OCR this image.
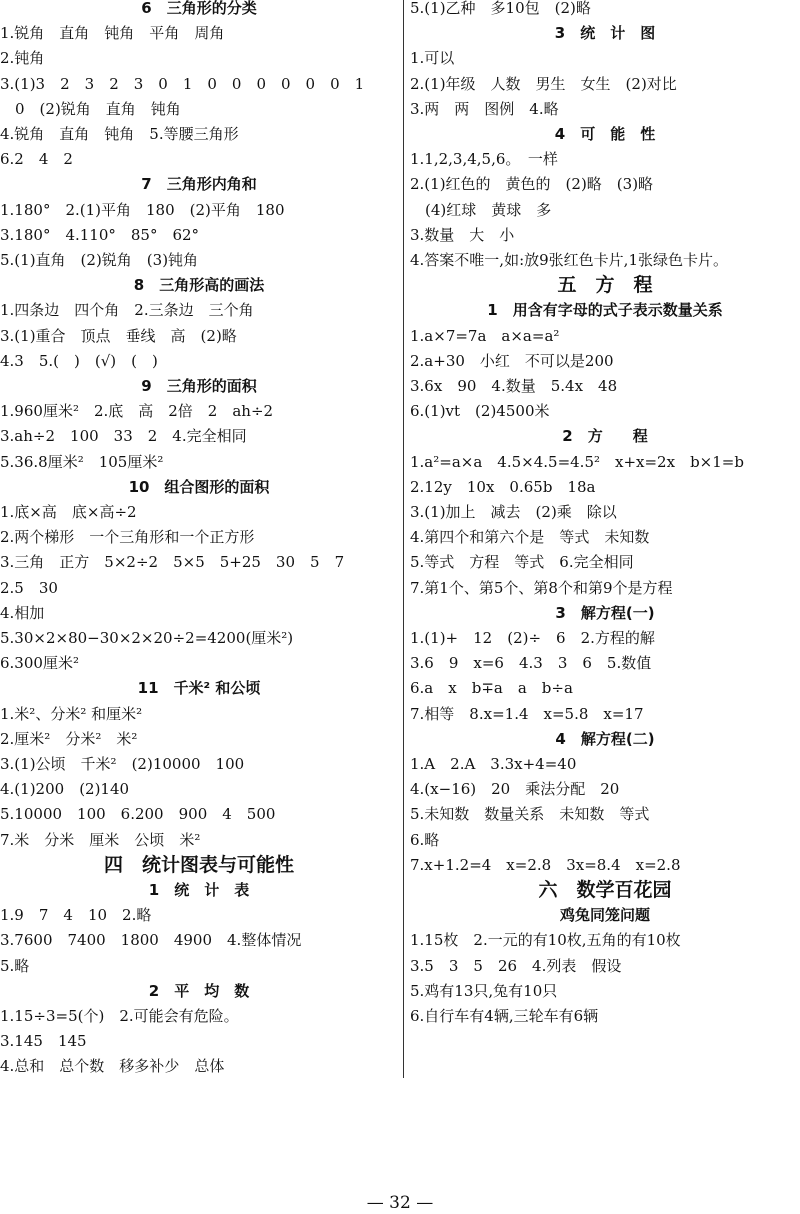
6　三角形的分类
1.锐角　直角　钝角　平角　周角
2.钝角
3.(1)3　2　3　2　3　0　1　0　0　0　0　0　0　1
　0　(2)锐角　直角　钝角
4.锐角　直角　钝角　5.等腰三角形
6.2　4　2
7　三角形内角和
1.180°　2.(1)平角　180　(2)平角　180
3.180°　4.110°　85°　62°
5.(1)直角　(2)锐角　(3)钝角
8　三角形高的画法
1.四条边　四个角　2.三条边　三个角
3.(1)重合　顶点　垂线　高　(2)略
4.3　5.(　)　(√)　(　)
9　三角形的面积
1.960厘米²　2.底　高　2倍　2　ah÷2
3.ah÷2　100　33　2　4.完全相同
5.36.8厘米²　105厘米²
10　组合图形的面积
1.底×高　底×高÷2
2.两个梯形　一个三角形和一个正方形
3.三角　正方　5×2÷2　5×5　5+25　30　5　7
2.5　30
4.相加
5.30×2×80−30×2×20÷2=4200(厘米²)
6.300厘米²
11　千米² 和公顷
1.米²、分米² 和厘米²
2.厘米²　分米²　米²
3.(1)公顷　千米²　(2)10000　100
4.(1)200　(2)140
5.10000　100　6.200　900　4　500
7.米　分米　厘米　公顷　米²
四　统计图表与可能性
1　统　计　表
1.9　7　4　10　2.略
3.7600　7400　1800　4900　4.整体情况
5.略
2　平　均　数
1.15÷3=5(个)　2.可能会有危险。
3.145　145
4.总和　总个数　移多补少　总体
5.(1)乙种　多10包　(2)略
3　统　计　图
1.可以
2.(1)年级　人数　男生　女生　(2)对比
3.两　两　图例　4.略
4　可　能　性
1.1,2,3,4,5,6。　一样
2.(1)红色的　黄色的　(2)略　(3)略
　(4)红球　黄球　多
3.数量　大　小
4.答案不唯一,如:放9张红色卡片,1张绿色卡片。
五　方　程
1　用含有字母的式子表示数量关系
1.a×7=7a　a×a=a²
2.a+30　小红　不可以是200
3.6x　90　4.数量　5.4x　48
6.(1)vt　(2)4500米
2　方　　程
1.a²=a×a　4.5×4.5=4.5²　x+x=2x　b×1=b
2.12y　10x　0.65b　18a
3.(1)加上　减去　(2)乘　除以
4.第四个和第六个是　等式　未知数
5.等式　方程　等式　6.完全相同
7.第1个、第5个、第8个和第9个是方程
3　解方程(一)
1.(1)+　12　(2)÷　6　2.方程的解
3.6　9　x=6　4.3　3　6　5.数值
6.a　x　b∓a　a　b÷a
7.相等　8.x=1.4　x=5.8　x=17
4　解方程(二)
1.A　2.A　3.3x+4=40
4.(x−16)　20　乘法分配　20
5.未知数　数量关系　未知数　等式
6.略
7.x+1.2=4　x=2.8　3x=8.4　x=2.8
六　数学百花园
鸡兔同笼问题
1.15枚　2.一元的有10枚,五角的有10枚
3.5　3　5　26　4.列表　假设
5.鸡有13只,兔有10只
6.自行车有4辆,三轮车有6辆
— 32 —
